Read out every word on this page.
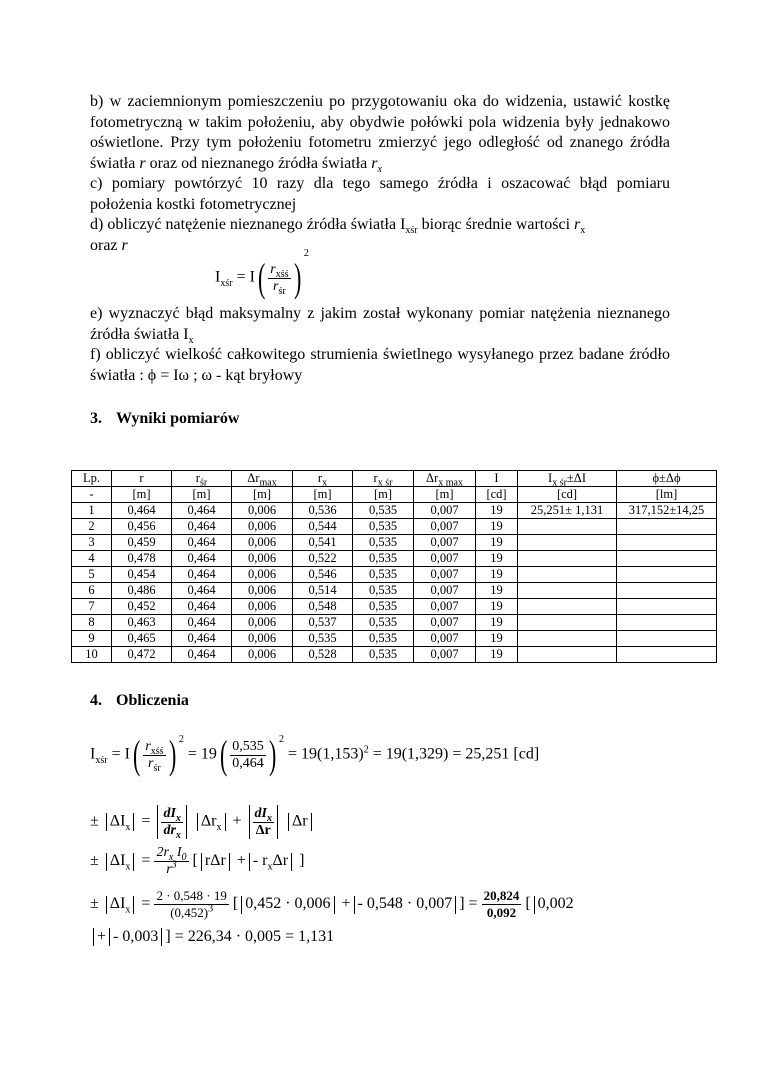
b) w zaciemnionym pomieszczeniu po przygotowaniu oka do widzenia, ustawić kostkę fotometryczną w takim położeniu, aby obydwie połówki pola widzenia były jednakowo oświetlone. Przy tym położeniu fotometru zmierzyć jego odległość od znanego źródła światła r oraz od nieznanego źródła światła $r_x$

c) pomiary powtórzyć 10 razy dla tego samego źródła i oszacować błąd pomiaru położenia kostki fotometrycznej

d) obliczyć natężenie nieznanego źródła światła $I_{xśr}$ biorąc średnie wartości $r_x$
oraz r

$I_{xśr} = I( \frac{r_{xśś}}{r_{śr}} )^2$

e) wyznaczyć błąd maksymalny z jakim został wykonany pomiar natężenia nieznanego źródła światła $I_x$

f) obliczyć wielkość całkowitego strumienia świetlnego wysyłanego przez badane źródło światła : ϕ = Iω ; ω - kąt bryłowy

3. Wyniki pomiarów
Lp.	r	$r_{śr}$	$\Delta r_{max}$	$r_x$	$r_{x śr}$	$\Delta r_{x max}$	I	$I_{x śr}\pm\Delta I$	ϕ±Δϕ
-	[m]	[m]	[m]	[m]	[m]	[m]	[cd]	[cd]	[lm]
1	0,464	0,464	0,006	0,536	0,535	0,007	19	25,251± 1,131	317,152±14,25
2	0,456	0,464	0,006	0,544	0,535	0,007	19		
3	0,459	0,464	0,006	0,541	0,535	0,007	19		
4	0,478	0,464	0,006	0,522	0,535	0,007	19		
5	0,454	0,464	0,006	0,546	0,535	0,007	19		
6	0,486	0,464	0,006	0,514	0,535	0,007	19		
7	0,452	0,464	0,006	0,548	0,535	0,007	19		
8	0,463	0,464	0,006	0,537	0,535	0,007	19		
9	0,465	0,464	0,006	0,535	0,535	0,007	19		
10	0,472	0,464	0,006	0,528	0,535	0,007	19		
4. Obliczenia
$I_{xśr} = I( \frac{r_{xśś}}{r_{śr}}$ ) $^2 = 19( \frac{0,535}{0,464}$ ) $^2 = 19(1,153)^2 = 19(1,329) = 25,251$ [cd]
± $\Delta I_x = \frac{dI_x}{dr_x} \Delta r_x + \frac{dI_x}{\Delta r}$ Δr
± $\Delta I_x = \frac{2r_x I_0}{r^3}$ [ rΔr + - $r_x\Delta r$ ]
± $\Delta I_x = \frac{2 \cdot 0,548 \cdot 19}{(0,452)^3}$ [ 0,452 · 0,006 + - 0,548 · 0,007 ] = $\frac{20,824}{0,092}$ [ 0,002
+ - 0,003 ] = 226,34 · 0,005 = 1,131
